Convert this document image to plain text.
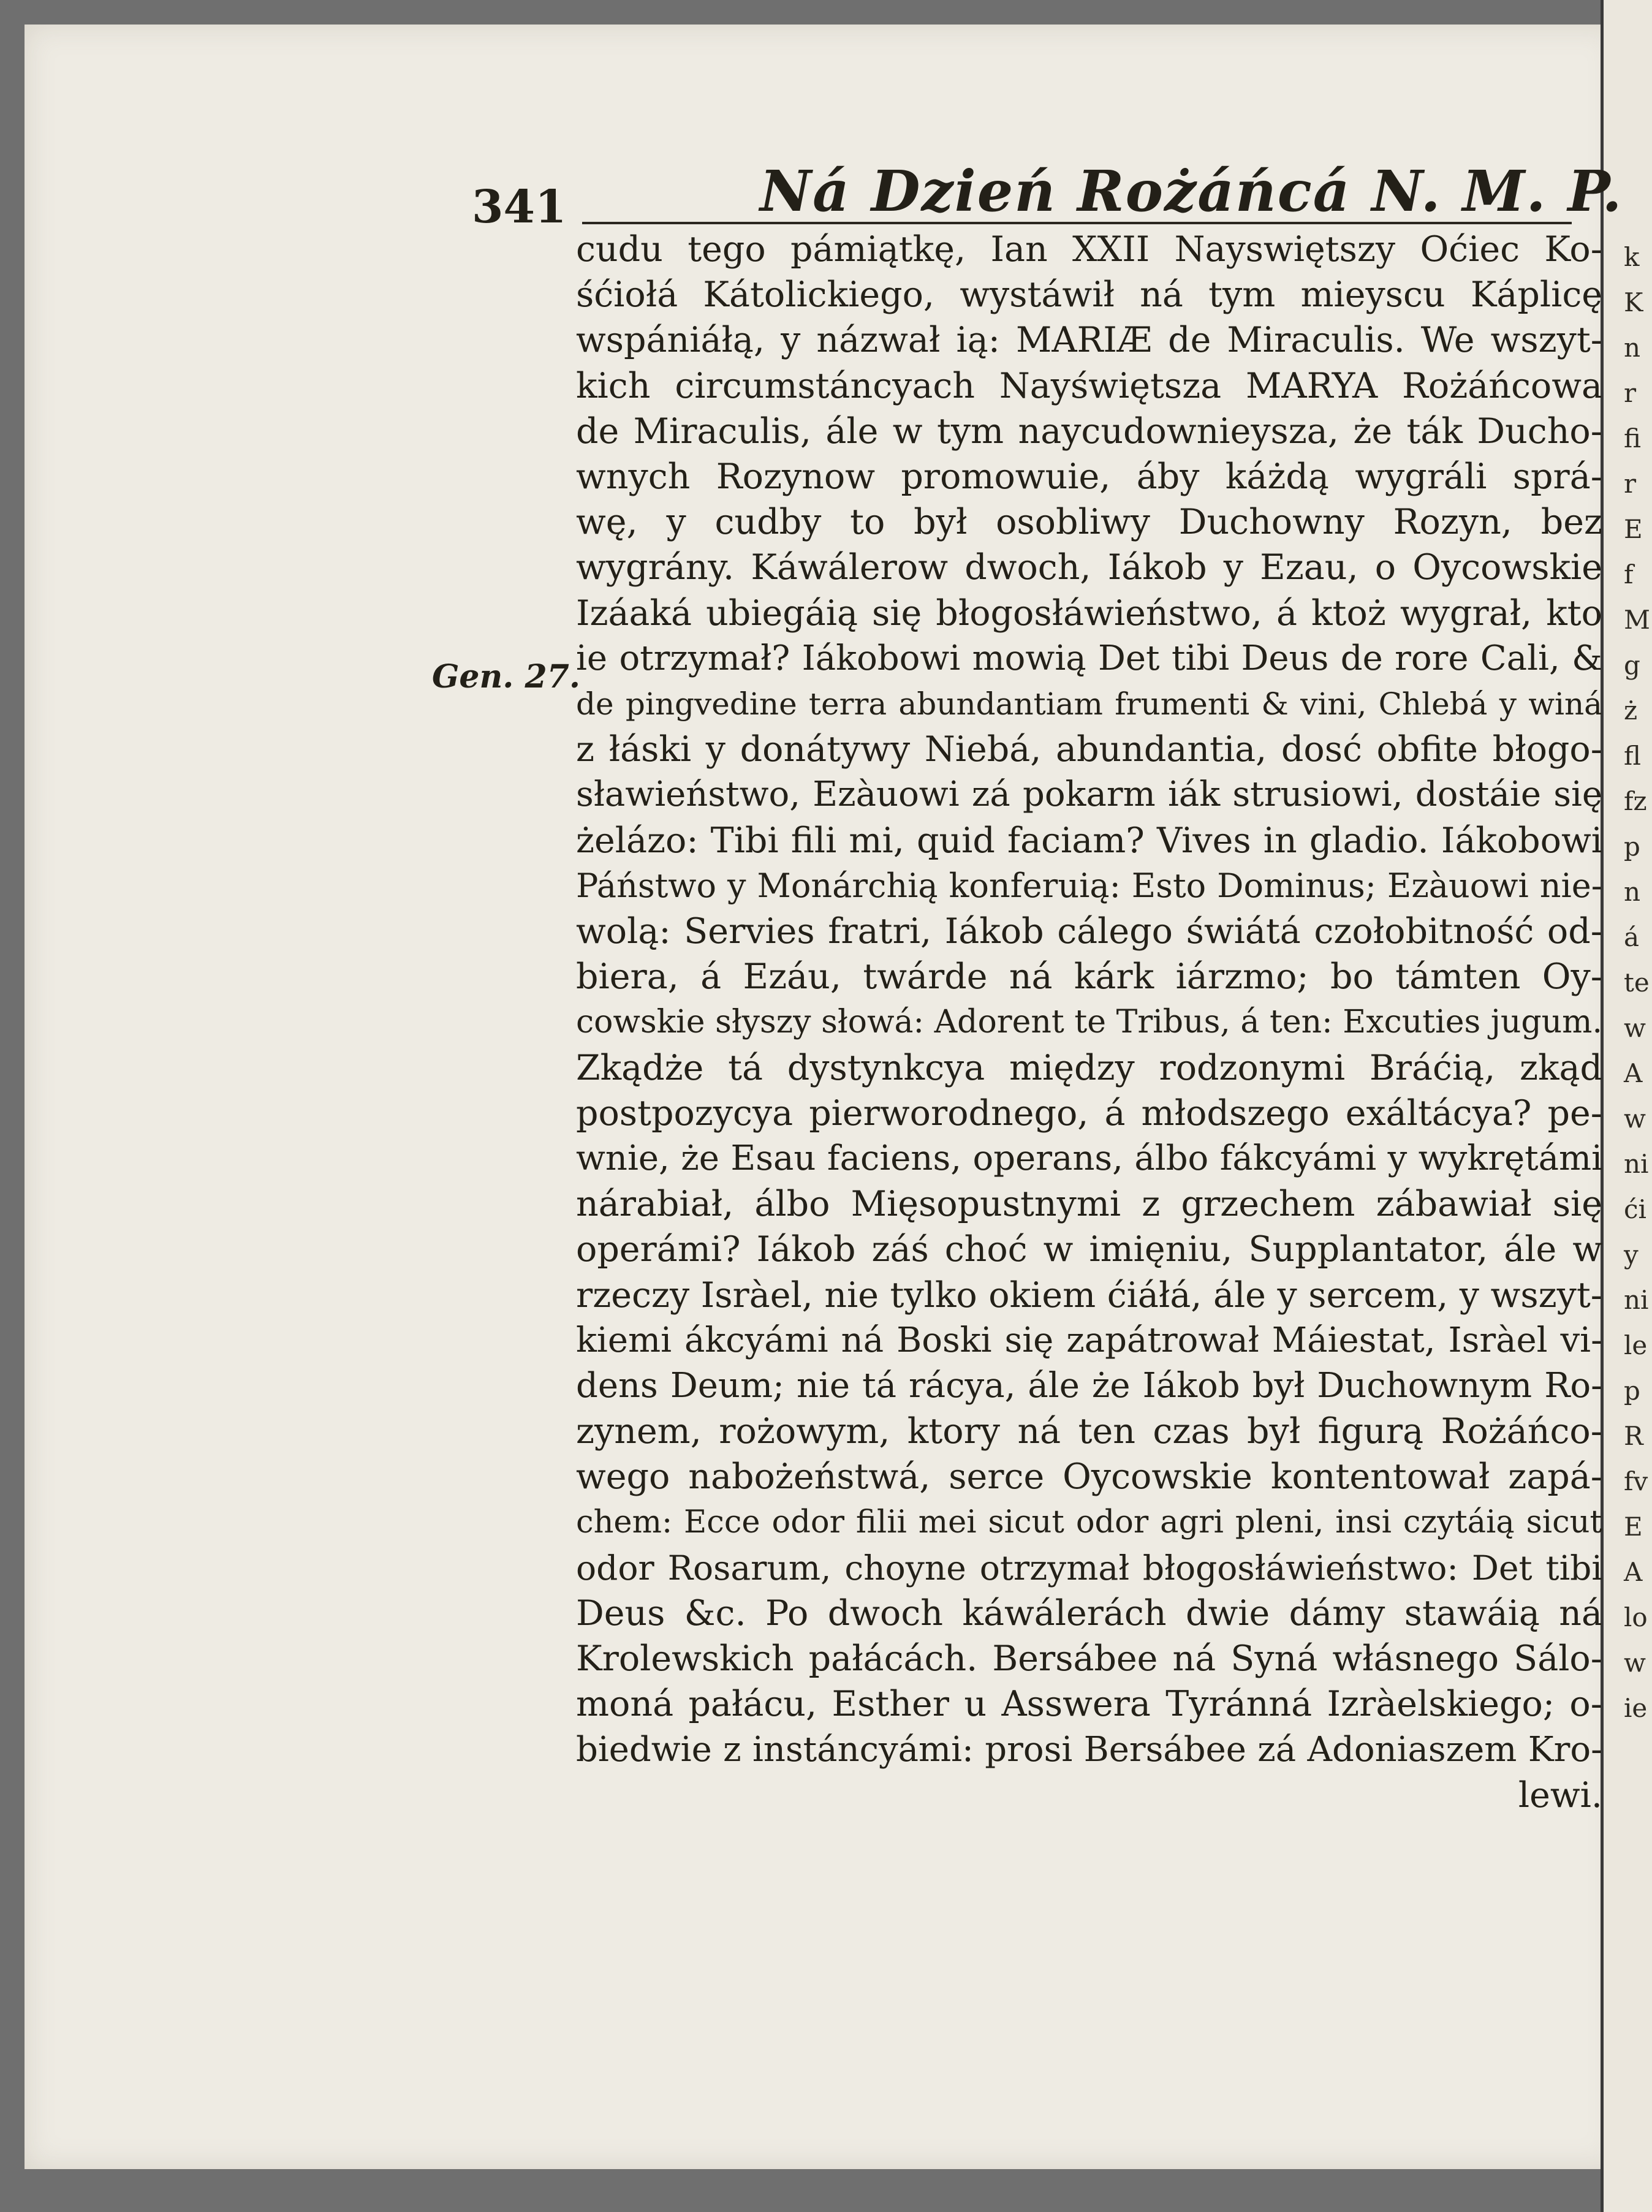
k
K
n
r
fi
r
E
f
M
g
ż
fl
fz
p
n
á
te
w
A
w
ni
ći
y
ni
le
p
R
fv
E
A
lo
w
ie
341	Ná Dzień Rożáńcá N. M. P.
Gen. 27.
cudu tego pámiątkę, Ian XXII Nayswiętszy Oćiec Ko-
śćiołá Kátolickiego, wystáwił ná tym mieyscu Káplicę
wspániáłą, y názwał ią: MARIÆ de Miraculis. We wszyt-
kich circumstáncyach Nayświętsza MARYA Rożáńcowa
de Miraculis, ále w tym naycudownieysza, że ták Ducho-
wnych Rozynow promowuie, áby káżdą wygráli sprá-
wę, y cudby to był osobliwy Duchowny Rozyn, bez
wygrány. Káwálerow dwoch, Iákob y Ezau, o Oycowskie
Izáaká ubiegáią się błogosłáwieństwo, á ktoż wygrał, kto
ie otrzymał? Iákobowi mowią Det tibi Deus de rore Cali, &
de pingvedine terra abundantiam frumenti & vini, Chlebá y winá
z łáski y donátywy Niebá, abundantia, dosć obfite błogo-
sławieństwo, Ezàuowi zá pokarm iák strusiowi, dostáie się
żelázo: Tibi fili mi, quid faciam? Vives in gladio. Iákobowi
Páństwo y Monárchią konferuią: Esto Dominus; Ezàuowi nie-
wolą: Servies fratri, Iákob cálego świátá czołobitność od-
biera, á Ezáu, twárde ná kárk iárzmo; bo támten Oy-
cowskie słyszy słowá: Adorent te Tribus, á ten: Excuties jugum.
Zkądże tá dystynkcya między rodzonymi Bráćią, zkąd
postpozycya pierworodnego, á młodszego exáltácya? pe-
wnie, że Esau faciens, operans, álbo fákcyámi y wykrętámi
nárabiał, álbo Mięsopustnymi z grzechem zábawiał się
operámi? Iákob záś choć w imięniu, Supplantator, ále w
rzeczy Isràel, nie tylko okiem ćiáłá, ále y sercem, y wszyt-
kiemi ákcyámi ná Boski się zapátrował Máiestat, Isràel vi-
dens Deum; nie tá rácya, ále że Iákob był Duchownym Ro-
zynem, rożowym, ktory ná ten czas był figurą Rożáńco-
wego nabożeństwá, serce Oycowskie kontentował zapá-
chem: Ecce odor filii mei sicut odor agri pleni, insi czytáią sicut
odor Rosarum, choyne otrzymał błogosłáwieństwo: Det tibi
Deus &c. Po dwoch káwálerách dwie dámy stawáią ná
Krolewskich pałácách. Bersábee ná Syná włásnego Sálo-
moná pałácu, Esther u Asswera Tyránná Izràelskiego; o-
biedwie z instáncyámi: prosi Bersábee zá Adoniaszem Kro-
lewi.
